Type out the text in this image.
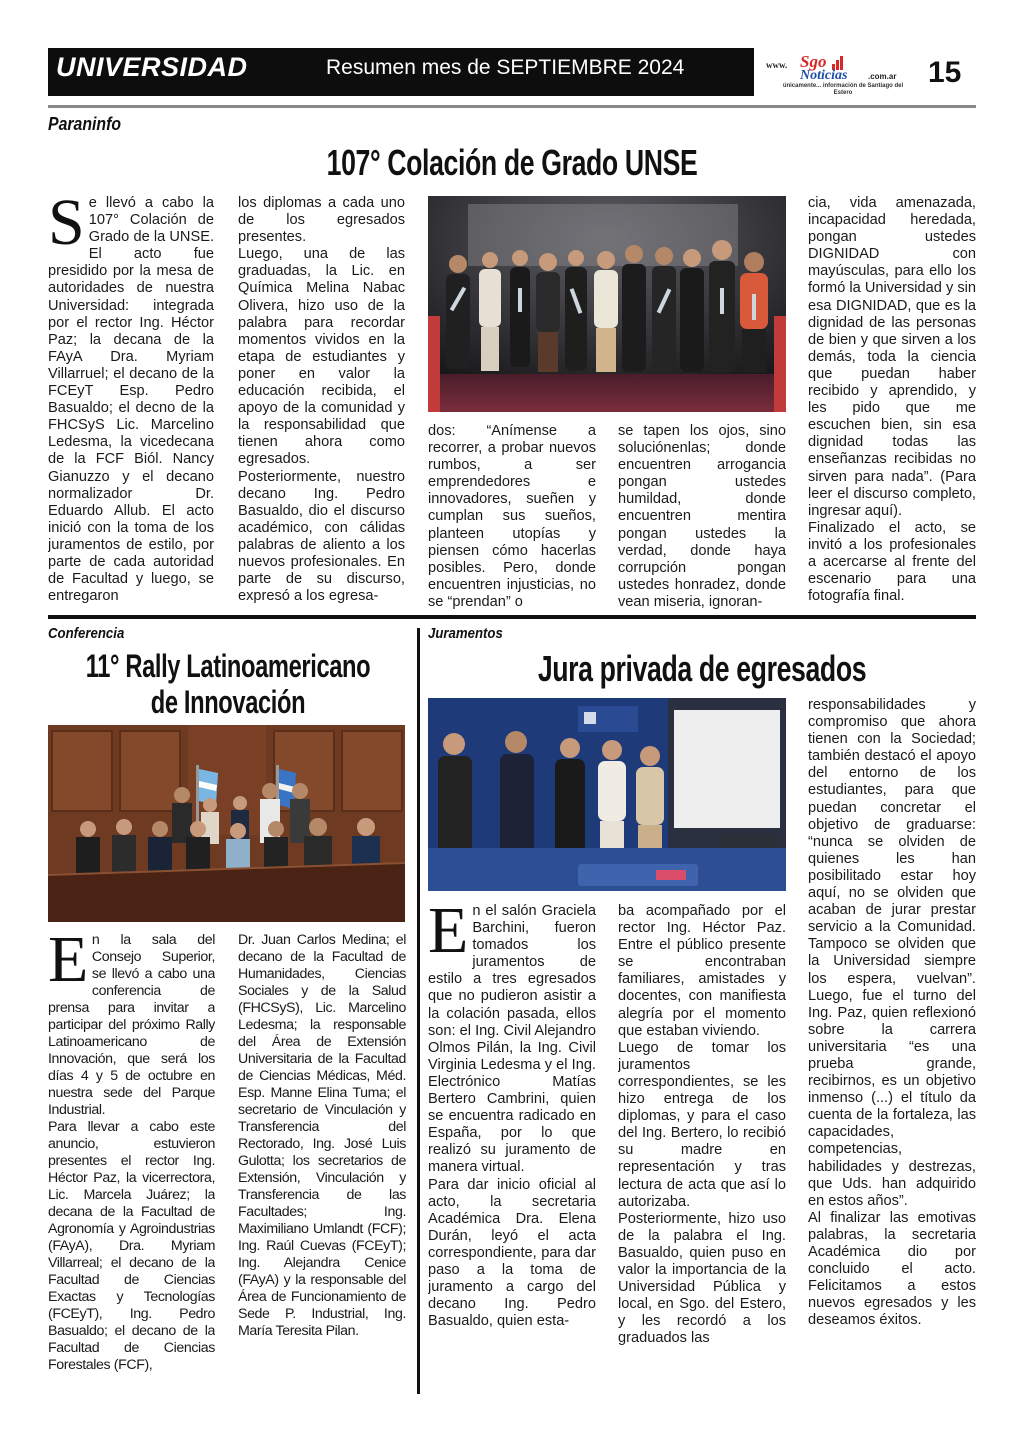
UNIVERSIDAD	Resumen mes de SEPTIEMBRE 2024	www. Sgo
Noticias	.com.ar
únicamente... información de Santiago del Estero
15
Paraninfo
107° Colación de Grado UNSE
S e llevó a cabo la 107° Colación de Grado de la UNSE. El acto fue presidido por la mesa de autoridades de nuestra Universidad: integrada por el rector Ing. Héctor Paz; la decana de la FAyA Dra. Myriam Villarruel; el decano de la FCEyT Esp. Pedro Basualdo; el decno de la FHCSyS Lic. Marcelino Ledesma, la vicedecana de la FCF Biól. Nancy Gianuzzo y el decano normalizador Dr. Eduardo Allub. El acto inició con la toma de los juramentos de estilo, por parte de cada autoridad de Facultad y luego, se entregaron

los diplomas a cada uno de los egresados presentes.

Luego, una de las graduadas, la Lic. en Química Melina Nabac Olivera, hizo uso de la palabra para recordar momentos vividos en la etapa de estudiantes y poner en valor la educación recibida, el apoyo de la comunidad y la responsabilidad que tienen ahora como egresados.

Posteriormente, nuestro decano Ing. Pedro Basualdo, dio el discurso académico, con cálidas palabras de aliento a los nuevos profesionales. En parte de su discurso, expresó a los egresa-

dos: “Anímense a recorrer, a probar nuevos rumbos, a ser emprendedores e innovadores, sueñen y cumplan sus sueños, planteen utopías y piensen cómo hacerlas posibles. Pero, donde encuentren injusticias, no se “prendan” o
se tapen los ojos, sino soluciónenlas; donde encuentren arrogancia pongan ustedes humildad, donde encuentren mentira pongan ustedes la verdad, donde haya corrupción pongan ustedes honradez, donde vean miseria, ignoran-

cia, vida amenazada, incapacidad heredada, pongan ustedes DIGNIDAD con mayúsculas, para ello los formó la Universidad y sin esa DIGNIDAD, que es la dignidad de las personas de bien y que sirven a los demás, toda la ciencia que puedan haber recibido y aprendido, y les pido que me escuchen bien, sin esa dignidad todas las enseñanzas recibidas no sirven para nada”. (Para leer el discurso completo, ingresar aquí).

Finalizado el acto, se invitó a los profesionales a acercarse al frente del escenario para una fotografía final.

Conferencia
11° Rally Latinoamericano
de Innovación

En la sala del Consejo Superior, se llevó a cabo una conferencia de prensa para invitar a participar del próximo Rally Latinoamericano de Innovación, que será los días 4 y 5 de octubre en nuestra sede del Parque Industrial.

Para llevar a cabo este anuncio, estuvieron presentes el rector Ing. Héctor Paz, la vicerrectora, Lic. Marcela Juárez; la decana de la Facultad de Agronomía y Agroindustrias (FAyA), Dra. Myriam Villarreal; el decano de la Facultad de Ciencias Exactas y Tecnologías (FCEyT), Ing. Pedro Basualdo; el decano de la Facultad de Ciencias Forestales (FCF),

Dr. Juan Carlos Medina; el decano de la Facultad de Humanidades, Ciencias Sociales y de la Salud (FHCSyS), Lic. Marcelino Ledesma; la responsable del Área de Extensión Universitaria de la Facultad de Ciencias Médicas, Méd. Esp. Manne Elina Tuma; el secretario de Vinculación y Transferencia del Rectorado, Ing. José Luis Gulotta; los secretarios de Extensión, Vinculación y Transferencia de las Facultades; Ing. Maximiliano Umlandt (FCF); Ing. Raúl Cuevas (FCEyT); Ing. Alejandra Cenice (FAyA) y la responsable del Área de Funcionamiento de Sede P. Industrial, Ing. María Teresita Pilan.
Juramentos
Jura privada de egresados

En el salón Graciela Barchini, fueron tomados los juramentos de estilo a tres egresados que no pudieron asistir a la colación pasada, ellos son: el Ing. Civil Alejandro Olmos Pilán, la Ing. Civil Virginia Ledesma y el Ing. Electrónico Matías Bertero Cambrini, quien se encuentra radicado en España, por lo que realizó su juramento de manera virtual.

Para dar inicio oficial al acto, la secretaria Académica Dra. Elena Durán, leyó el acta correspondiente, para dar paso a la toma de juramento a cargo del decano Ing. Pedro Basualdo, quien esta-

ba acompañado por el rector Ing. Héctor Paz. Entre el público presente se encontraban familiares, amistades y docentes, con manifiesta alegría por el momento que estaban viviendo.

Luego de tomar los juramentos correspondientes, se les hizo entrega de los diplomas, y para el caso del Ing. Bertero, lo recibió su madre en representación y tras lectura de acta que así lo autorizaba. Posteriormente, hizo uso de la palabra el Ing. Basualdo, quien puso en valor la importancia de la Universidad Pública y local, en Sgo. del Estero, y les recordó a los graduados las

responsabilidades y compromiso que ahora tienen con la Sociedad; también destacó el apoyo del entorno de los estudiantes, para que puedan concretar el objetivo de graduarse: “nunca se olviden de quienes les han posibilitado estar hoy aquí, no se olviden que acaban de jurar prestar servicio a la Comunidad. Tampoco se olviden que la Universidad siempre los espera, vuelvan”. Luego, fue el turno del Ing. Paz, quien reflexionó sobre la carrera universitaria “es una prueba grande, recibirnos, es un objetivo inmenso (...) el título da cuenta de la fortaleza, las capacidades, competencias, habilidades y destrezas, que Uds. han adquirido en estos años”.

Al finalizar las emotivas palabras, la secretaria Académica dio por concluido el acto. Felicitamos a estos nuevos egresados y les deseamos éxitos.
